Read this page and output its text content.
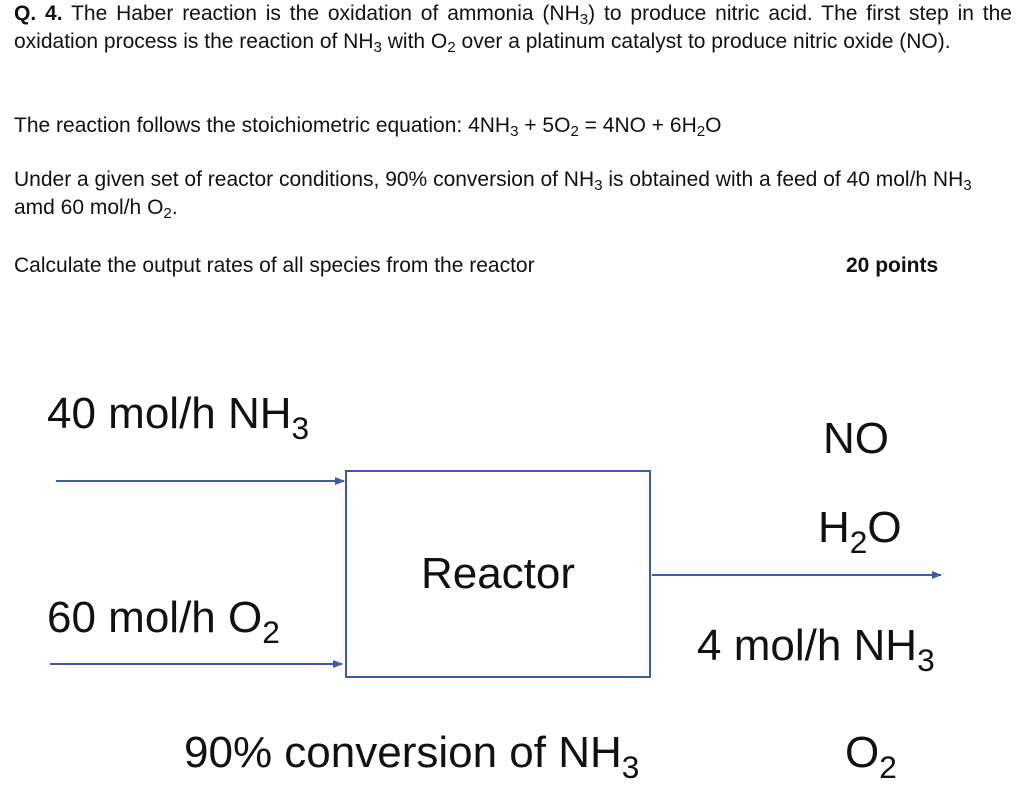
Q. 4. The Haber reaction is the oxidation of ammonia $(NH_3)$ to produce nitric acid. The first step in the oxidation process is the reaction of $NH_3$ with $O_2$ over a platinum catalyst to produce nitric oxide (NO).

The reaction follows the stoichiometric equation: $4NH_3 + 5O_2 = 4NO + 6H_2O$

Under a given set of reactor conditions, 90% conversion of $NH_3$ is obtained with a feed of 40 mol/h $NH_3$ amd 60 mol/h $O_2$.

Calculate the output rates of all species from the reactor	20 points
Reactor
40 mol/h $NH_3$
60 mol/h $O_2$
NO
$H_2O$
4 mol/h $NH_3$
90% conversion of $NH_3$	$O_2$
